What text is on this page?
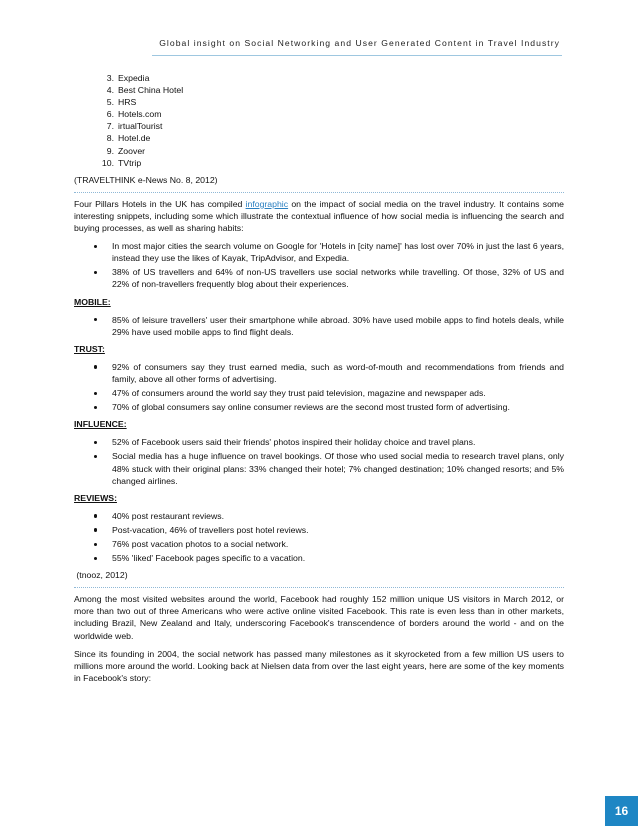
Global insight on Social Networking and User Generated Content in Travel Industry
3. Expedia
4. Best China Hotel
5. HRS
6. Hotels.com
7. irtualTourist
8. Hotel.de
9. Zoover
10. TVtrip
(TRAVELTHINK e-News No. 8, 2012)

Four Pillars Hotels in the UK has compiled infographic on the impact of social media on the travel industry. It contains some interesting snippets, including some which illustrate the contextual influence of how social media is influencing the search and buying processes, as well as sharing habits:

In most major cities the search volume on Google for 'Hotels in [city name]' has lost over 70% in just the last 6 years, instead they use the likes of Kayak, TripAdvisor, and Expedia.
38% of US travellers and 64% of non-US travellers use social networks while travelling. Of those, 32% of US and 22% of non-travellers frequently blog about their experiences.
MOBILE:
85% of leisure travellers' user their smartphone while abroad. 30% have used mobile apps to find hotels deals, while 29% have used mobile apps to find flight deals.
TRUST:
92% of consumers say they trust earned media, such as word-of-mouth and recommendations from friends and family, above all other forms of advertising.
47% of consumers around the world say they trust paid television, magazine and newspaper ads.
70% of global consumers say online consumer reviews are the second most trusted form of advertising.
INFLUENCE:
52% of Facebook users said their friends' photos inspired their holiday choice and travel plans.
Social media has a huge influence on travel bookings. Of those who used social media to research travel plans, only 48% stuck with their original plans: 33% changed their hotel; 7% changed destination; 10% changed resorts; and 5% changed airlines.
REVIEWS:
40% post restaurant reviews.
Post-vacation, 46% of travellers post hotel reviews.
76% post vacation photos to a social network.
55% 'liked' Facebook pages specific to a vacation.
(tnooz, 2012)

Among the most visited websites around the world, Facebook had roughly 152 million unique US visitors in March 2012, or more than two out of three Americans who were active online visited Facebook. This rate is even less than in other markets, including Brazil, New Zealand and Italy, underscoring Facebook's transcendence of borders around the world - and on the worldwide web.

Since its founding in 2004, the social network has passed many milestones as it skyrocketed from a few million US users to millions more around the world. Looking back at Nielsen data from over the last eight years, here are some of the key moments in Facebook's story:

16
